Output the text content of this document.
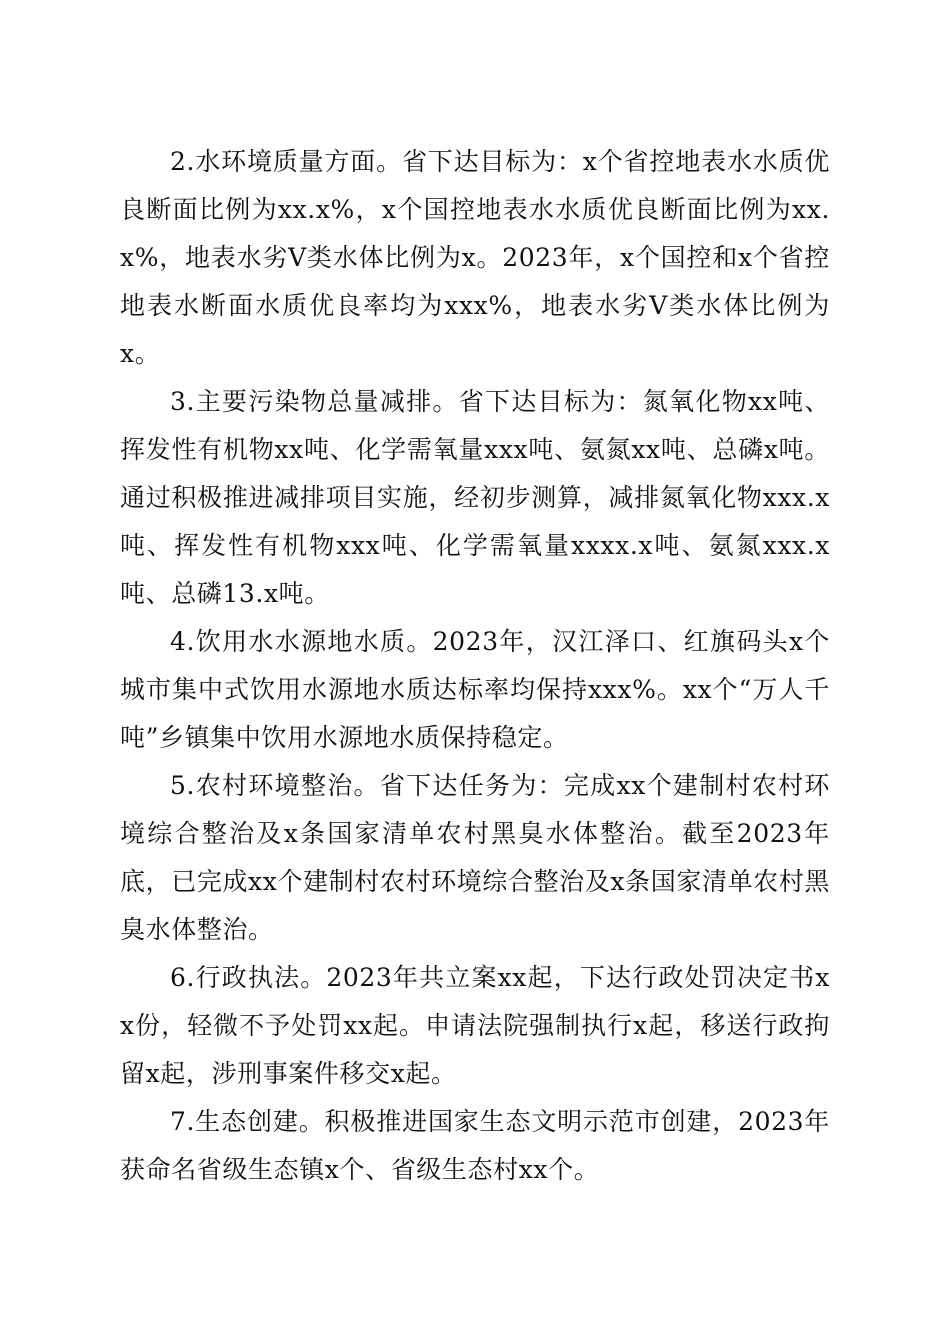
2.水环境质量方面。省下达目标为：x个省控地表水水质优良断面比例为xx.x%，x个国控地表水水质优良断面比例为xx.x%，地表水劣Ⅴ类水体比例为x。2023年，x个国控和x个省控地表水断面水质优良率均为xxx%，地表水劣Ⅴ类水体比例为x。

3.主要污染物总量减排。省下达目标为：氮氧化物xx吨、挥发性有机物xx吨、化学需氧量xxx吨、氨氮xx吨、总磷x吨。通过积极推进减排项目实施，经初步测算，减排氮氧化物xxx.x吨、挥发性有机物xxx吨、化学需氧量xxxx.x吨、氨氮xxx.x吨、总磷13.x吨。

4.饮用水水源地水质。2023年，汉江泽口、红旗码头x个城市集中式饮用水源地水质达标率均保持xxx%。xx个“万人千吨”乡镇集中饮用水源地水质保持稳定。

5.农村环境整治。省下达任务为：完成xx个建制村农村环境综合整治及x条国家清单农村黑臭水体整治。截至2023年底，已完成xx个建制村农村环境综合整治及x条国家清单农村黑臭水体整治。

6.行政执法。2023年共立案xx起，下达行政处罚决定书xx份，轻微不予处罚xx起。申请法院强制执行x起，移送行政拘留x起，涉刑事案件移交x起。

7.生态创建。积极推进国家生态文明示范市创建，2023年获命名省级生态镇x个、省级生态村xx个。
